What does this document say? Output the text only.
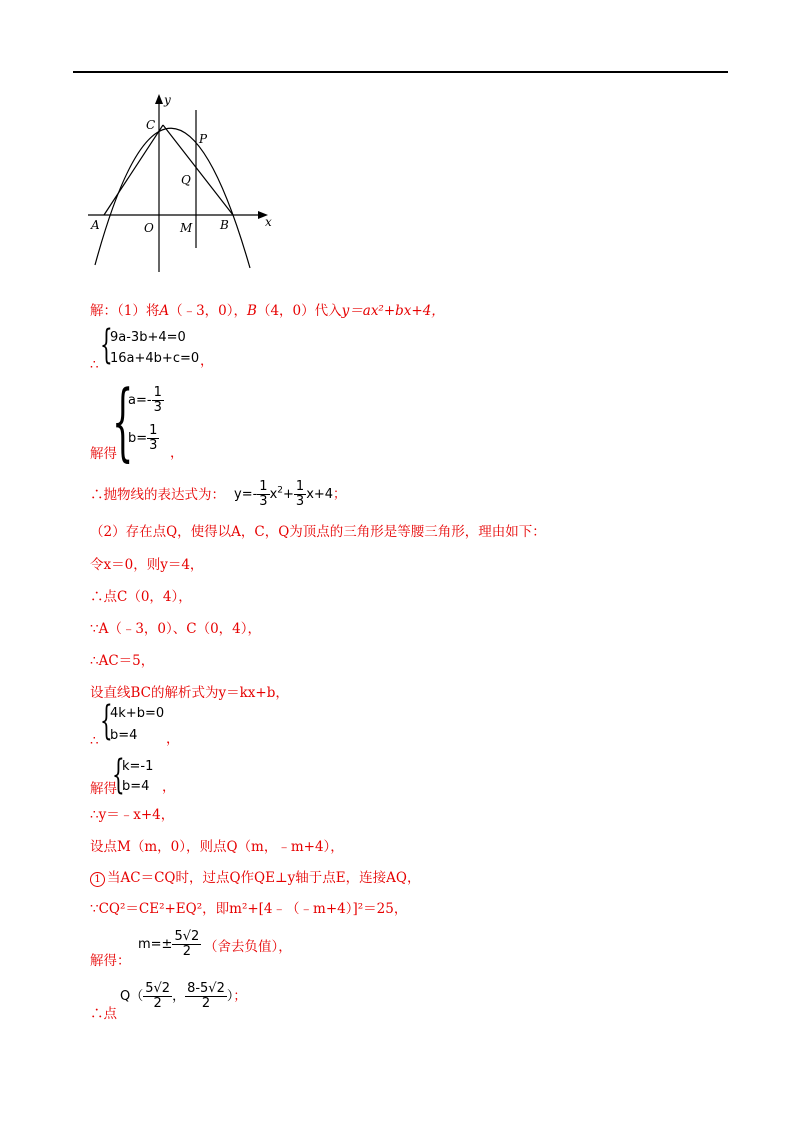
y
x
C
P
Q
A	O M B
解：（1）将A（﹣3，0），B（4，0）代入y＝ax²+bx+4，
{
9a-3b+4=0
16a+4b+c=0
∴	，
{
$a=- \frac{1}{3}$
$b= \frac{1}{3}$
解得	，
∴抛物线的表达式为： $y=- \frac{1}{3} x^2+ \frac{1}{3} x+4$；
（2）存在点Q，使得以A，C，Q为顶点的三角形是等腰三角形，理由如下：
令x＝0，则y＝4，
∴点C（0，4），
∵A（﹣3，0）、C（0，4），
∴AC＝5，
设直线BC的解析式为y＝kx+b，
{
4k+b=0
b=4
∴	，
{
k=-1
b=4
解得	，
∴y＝﹣x+4，
设点M（m，0），则点Q（m，﹣m+4），
1 当AC＝CQ时，过点Q作QE⊥y轴于点E，连接AQ，
∵CQ²＝CE²+EQ²，即m²+[4﹣（﹣m+4）]²＝25，
解得：
$m=\pm \frac{5√2}{2}$ （舍去负值），
∴点
$Q( \frac{5√2}{2}$ ， $\frac{8-5√2}{2}$ ）；
